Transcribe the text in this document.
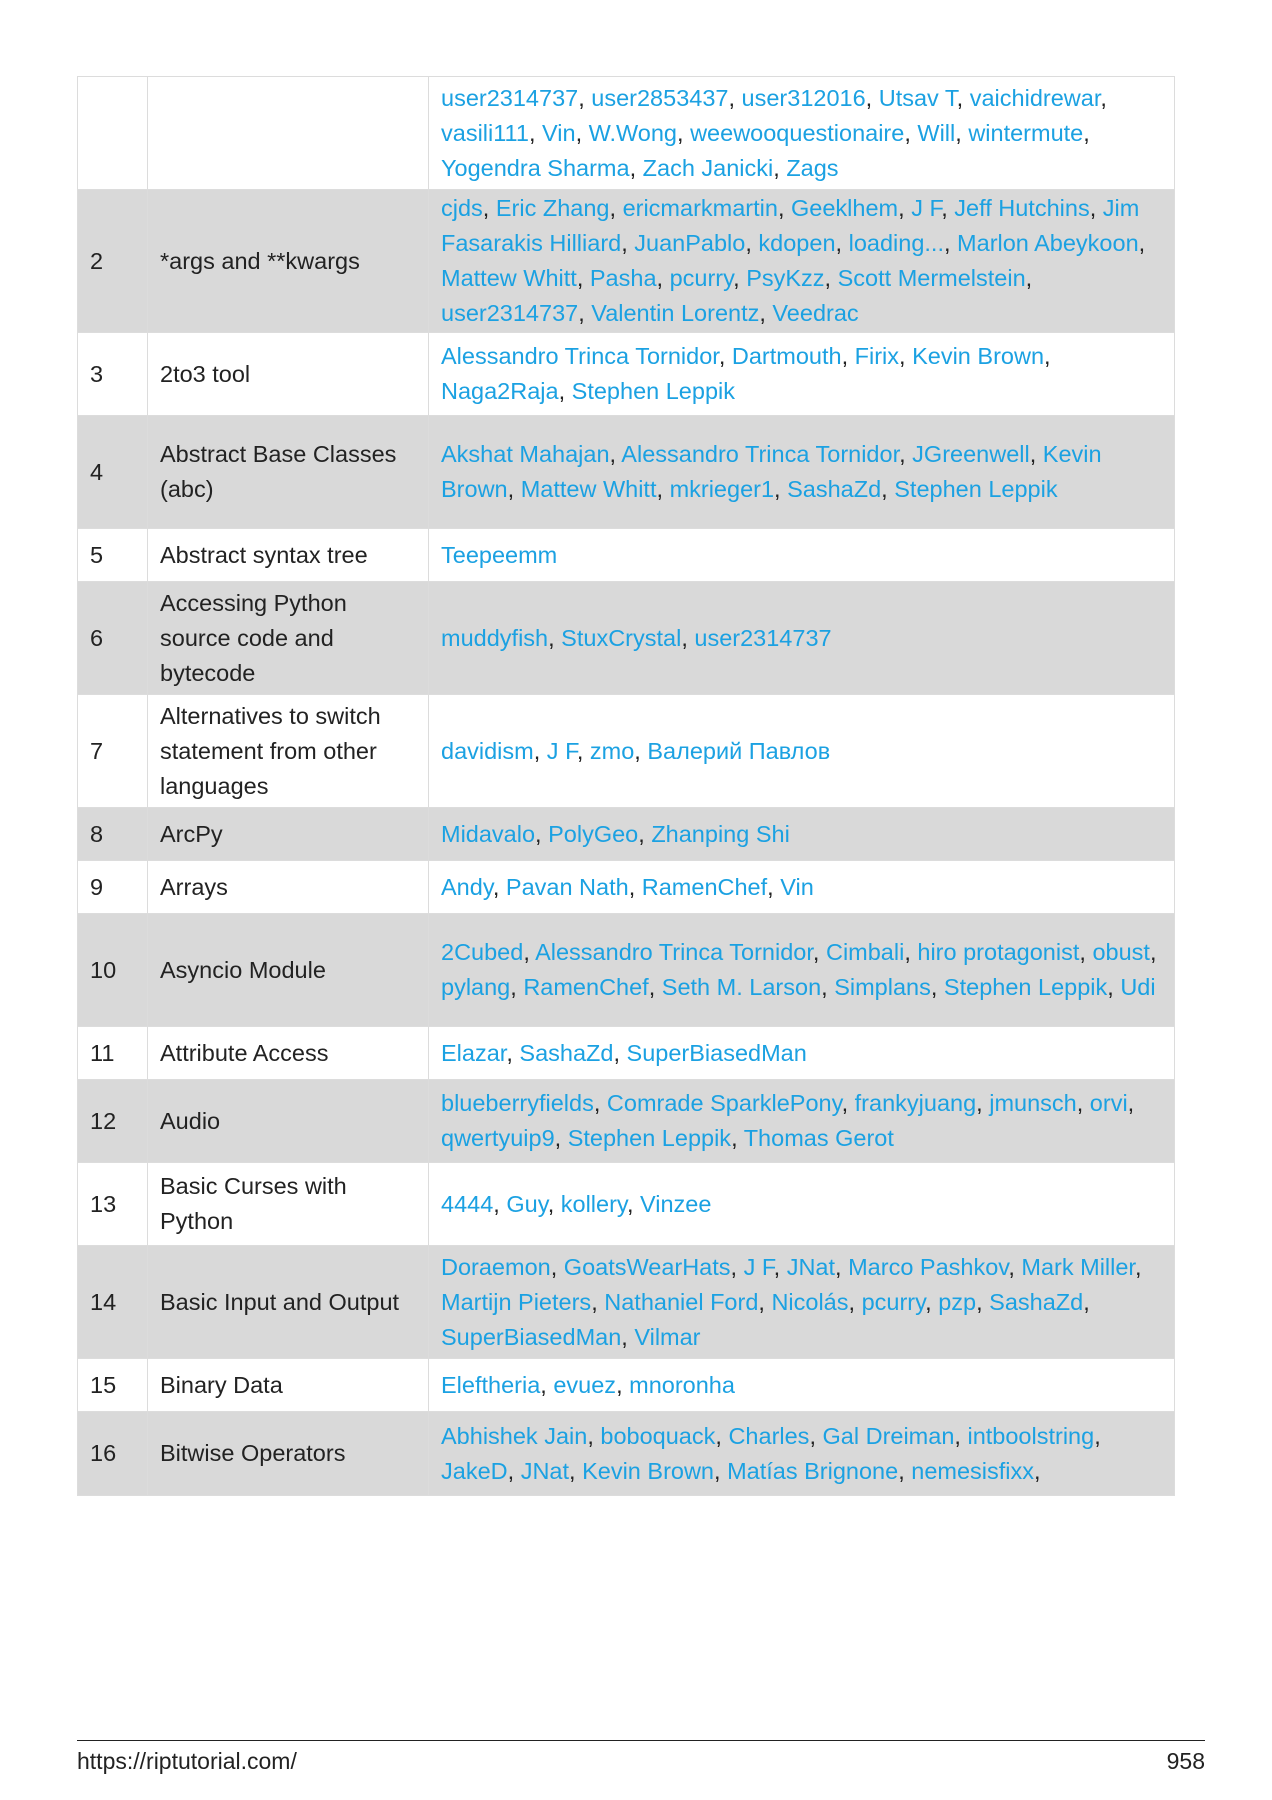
		user2314737, user2853437, user312016, Utsav T, vaichidrewar, vasili111, Vin, W.Wong, weewooquestionaire, Will, wintermute, Yogendra Sharma, Zach Janicki, Zags
2	*args and **kwargs	cjds, Eric Zhang, ericmarkmartin, Geeklhem, J F, Jeff Hutchins, Jim Fasarakis Hilliard, JuanPablo, kdopen, loading..., Marlon Abeykoon, Mattew Whitt, Pasha, pcurry, PsyKzz, Scott Mermelstein, user2314737, Valentin Lorentz, Veedrac
3	2to3 tool	Alessandro Trinca Tornidor, Dartmouth, Firix, Kevin Brown, Naga2Raja, Stephen Leppik
4	Abstract Base Classes (abc)	Akshat Mahajan, Alessandro Trinca Tornidor, JGreenwell, Kevin Brown, Mattew Whitt, mkrieger1, SashaZd, Stephen Leppik
5	Abstract syntax tree	Teepeemm
6	Accessing Python source code and bytecode	muddyfish, StuxCrystal, user2314737
7	Alternatives to switch statement from other languages	davidism, J F, zmo, Валерий Павлов
8	ArcPy	Midavalo, PolyGeo, Zhanping Shi
9	Arrays	Andy, Pavan Nath, RamenChef, Vin
10	Asyncio Module	2Cubed, Alessandro Trinca Tornidor, Cimbali, hiro protagonist, obust, pylang, RamenChef, Seth M. Larson, Simplans, Stephen Leppik, Udi
11	Attribute Access	Elazar, SashaZd, SuperBiasedMan
12	Audio	blueberryfields, Comrade SparklePony, frankyjuang, jmunsch, orvi, qwertyuip9, Stephen Leppik, Thomas Gerot
13	Basic Curses with Python	4444, Guy, kollery, Vinzee
14	Basic Input and Output	Doraemon, GoatsWearHats, J F, JNat, Marco Pashkov, Mark Miller, Martijn Pieters, Nathaniel Ford, Nicolás, pcurry, pzp, SashaZd, SuperBiasedMan, Vilmar
15	Binary Data	Eleftheria, evuez, mnoronha
16	Bitwise Operators	Abhishek Jain, boboquack, Charles, Gal Dreiman, intboolstring, JakeD, JNat, Kevin Brown, Matías Brignone, nemesisfixx,
https://riptutorial.com/	958
